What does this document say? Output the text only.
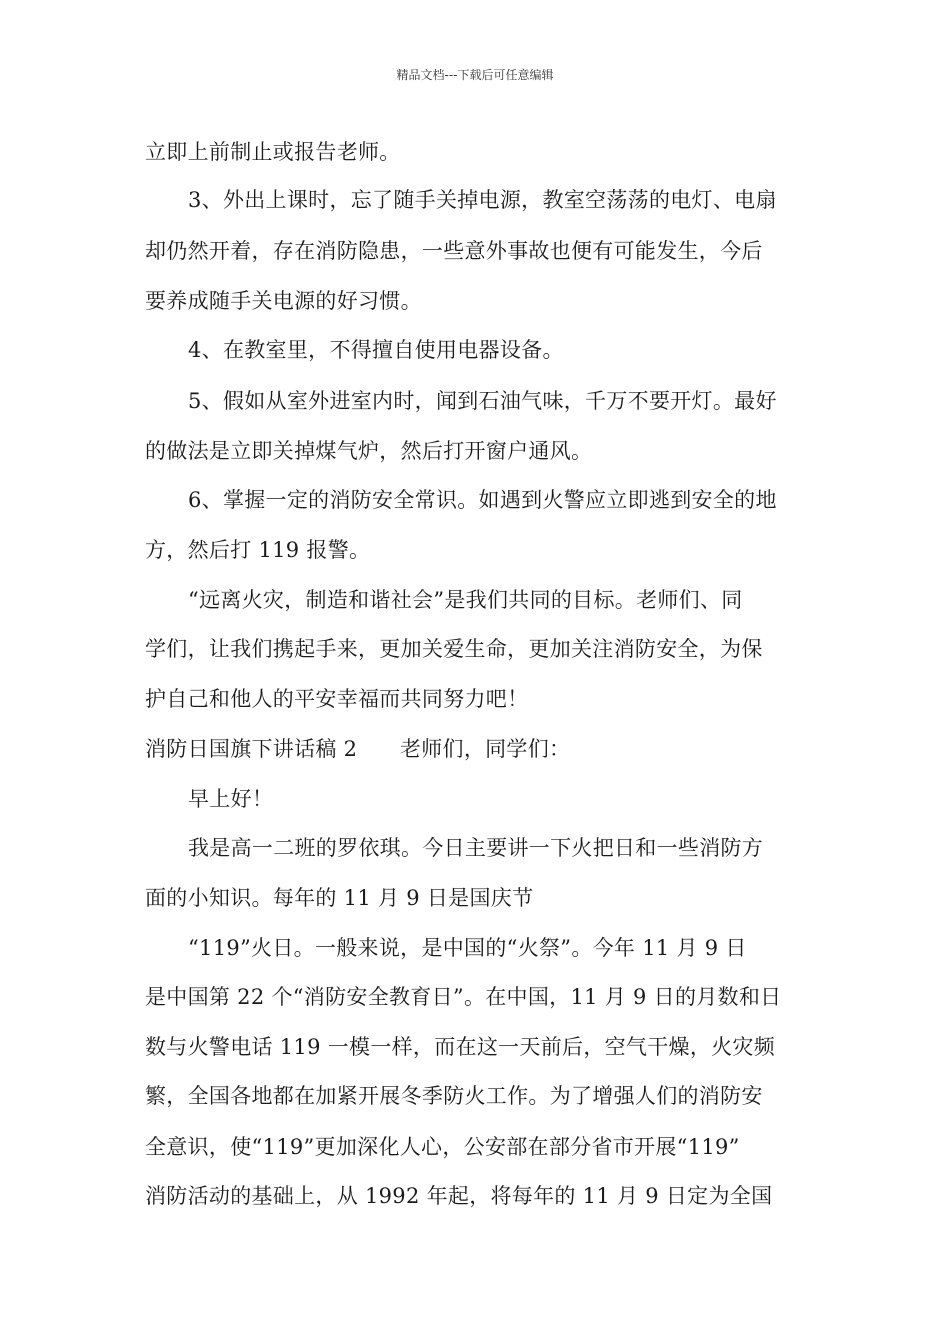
精品文档---下载后可任意编辑
立即上前制止或报告老师。
3、外出上课时，忘了随手关掉电源，教室空荡荡的电灯、电扇
却仍然开着，存在消防隐患，一些意外事故也便有可能发生，今后
要养成随手关电源的好习惯。
4、在教室里，不得擅自使用电器设备。
5、假如从室外进室内时，闻到石油气味，千万不要开灯。最好
的做法是立即关掉煤气炉，然后打开窗户通风。
6、掌握一定的消防安全常识。如遇到火警应立即逃到安全的地
方，然后打 119 报警。
“远离火灾，制造和谐社会”是我们共同的目标。老师们、同
学们，让我们携起手来，更加关爱生命，更加关注消防安全，为保
护自己和他人的平安幸福而共同努力吧！
消防日国旗下讲话稿 2　　老师们，同学们：
早上好！
我是高一二班的罗依琪。今日主要讲一下火把日和一些消防方
面的小知识。每年的 11 月 9 日是国庆节
“119”火日。一般来说，是中国的“火祭”。今年 11 月 9 日
是中国第 22 个“消防安全教育日”。在中国，11 月 9 日的月数和日
数与火警电话 119 一模一样，而在这一天前后，空气干燥，火灾频
繁，全国各地都在加紧开展冬季防火工作。为了增强人们的消防安
全意识，使“119”更加深化人心，公安部在部分省市开展“119”
消防活动的基础上，从 1992 年起，将每年的 11 月 9 日定为全国
